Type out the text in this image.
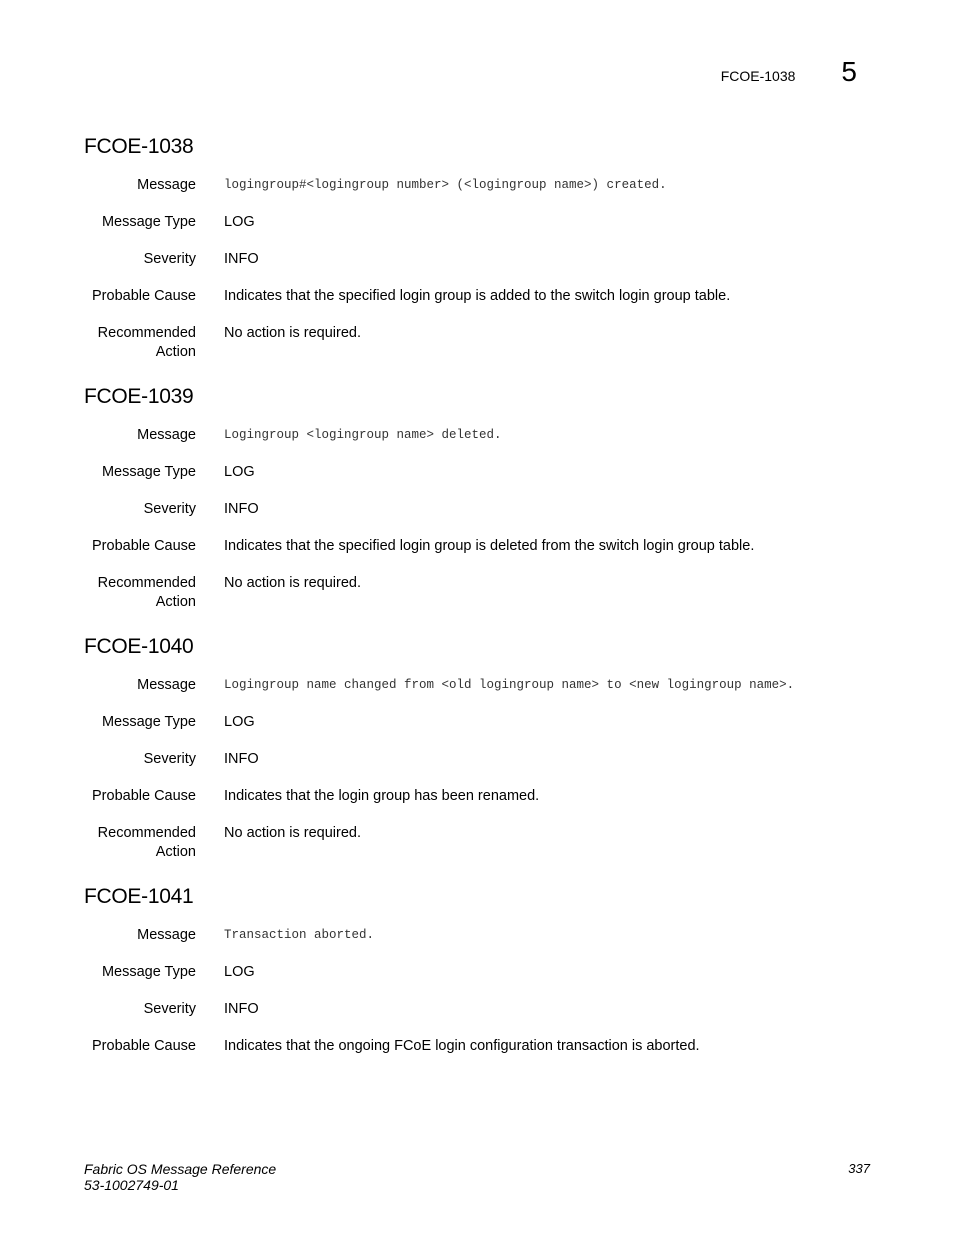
FCOE-1038 5
FCOE-1038
Message logingroup#<logingroup number> (<logingroup name>) created.
Message Type LOG
Severity INFO
Probable Cause Indicates that the specified login group is added to the switch login group table.
Recommended
Action
No action is required.
FCOE-1039
Message Logingroup <logingroup name> deleted.
Message Type LOG
Severity INFO
Probable Cause Indicates that the specified login group is deleted from the switch login group table.
Recommended
Action
No action is required.
FCOE-1040
Message Logingroup name changed from <old logingroup name> to <new logingroup name>.
Message Type LOG
Severity INFO
Probable Cause Indicates that the login group has been renamed.
Recommended
Action
No action is required.
FCOE-1041
Message Transaction aborted.
Message Type LOG
Severity INFO
Probable Cause Indicates that the ongoing FCoE login configuration transaction is aborted.
Fabric OS Message Reference
53-1002749-01
337
